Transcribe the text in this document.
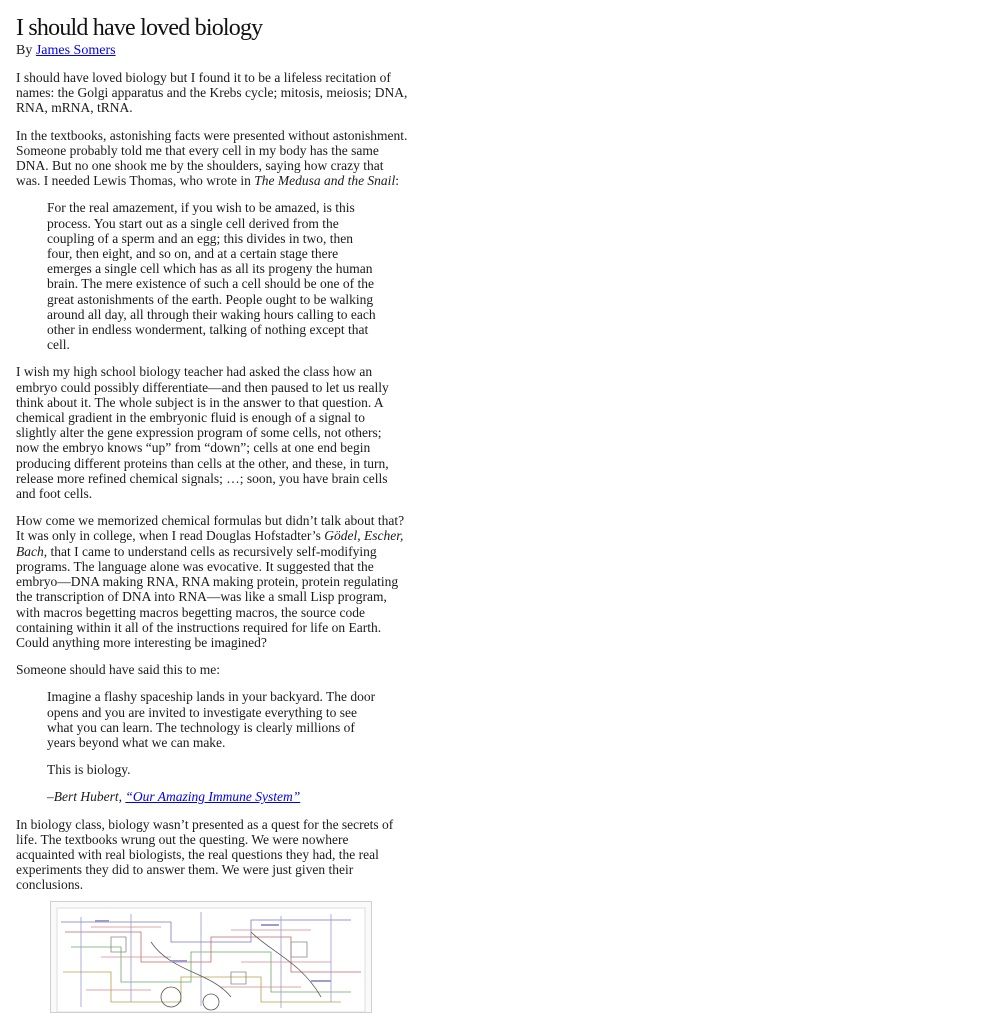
I should have loved biology
By James Somers

I should have loved biology but I found it to be a lifeless recitation of names: the Golgi apparatus and the Krebs cycle; mitosis, meiosis; DNA, RNA, mRNA, tRNA.

In the textbooks, astonishing facts were presented without astonishment. Someone probably told me that every cell in my body has the same DNA. But no one shook me by the shoulders, saying how crazy that was. I needed Lewis Thomas, who wrote in The Medusa and the Snail:

For the real amazement, if you wish to be amazed, is this process. You start out as a single cell derived from the coupling of a sperm and an egg; this divides in two, then four, then eight, and so on, and at a certain stage there emerges a single cell which has as all its progeny the human brain. The mere existence of such a cell should be one of the great astonishments of the earth. People ought to be walking around all day, all through their waking hours calling to each other in endless wonderment, talking of nothing except that cell.

I wish my high school biology teacher had asked the class how an embryo could possibly differentiate—and then paused to let us really think about it. The whole subject is in the answer to that question. A chemical gradient in the embryonic fluid is enough of a signal to slightly alter the gene expression program of some cells, not others; now the embryo knows “up” from “down”; cells at one end begin producing different proteins than cells at the other, and these, in turn, release more refined chemical signals; …; soon, you have brain cells and foot cells.

How come we memorized chemical formulas but didn’t talk about that? It was only in college, when I read Douglas Hofstadter’s Gödel, Escher, Bach, that I came to understand cells as recursively self-modifying programs. The language alone was evocative. It suggested that the embryo—DNA making RNA, RNA making protein, protein regulating the transcription of DNA into RNA—was like a small Lisp program, with macros begetting macros begetting macros, the source code containing within it all of the instructions required for life on Earth. Could anything more interesting be imagined?

Someone should have said this to me:

Imagine a flashy spaceship lands in your backyard. The door opens and you are invited to investigate everything to see what you can learn. The technology is clearly millions of years beyond what we can make.

This is biology.

–Bert Hubert, “Our Amazing Immune System”

In biology class, biology wasn’t presented as a quest for the secrets of life. The textbooks wrung out the questing. We were nowhere acquainted with real biologists, the real questions they had, the real experiments they did to answer them. We were just given their conclusions.
